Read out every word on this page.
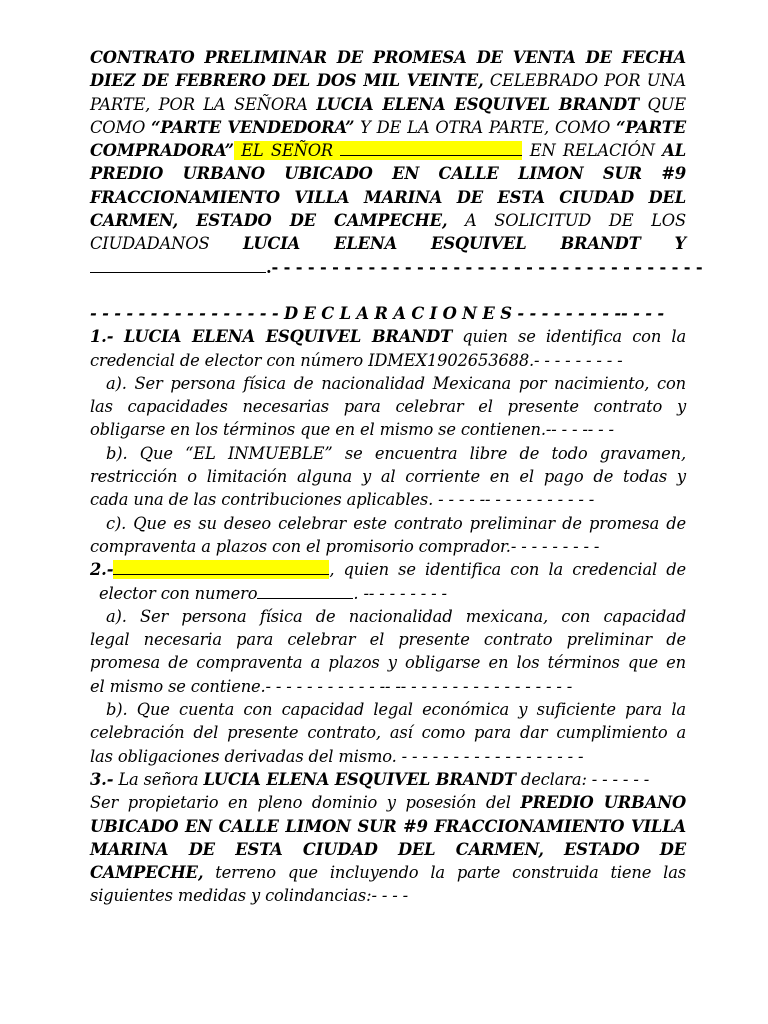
CONTRATO PRELIMINAR DE PROMESA DE VENTA DE FECHA

DIEZ DE FEBRERO DEL DOS MIL VEINTE, CELEBRADO POR UNA

PARTE, POR LA SEÑORA LUCIA ELENA ESQUIVEL BRANDT QUE

COMO “PARTE VENDEDORA” Y DE LA OTRA PARTE, COMO “PARTE

COMPRADORA” EL SEÑOR	EN RELACIÓN AL

PREDIO URBANO UBICADO EN CALLE LIMON SUR #9

FRACCIONAMIENTO VILLA MARINA DE ESTA CIUDAD DEL

CARMEN, ESTADO DE CAMPECHE, A SOLICITUD DE LOS

CIUDADANOS LUCIA ELENA ESQUIVEL BRANDT Y

.- - - - - - - - - - - - - - - - - - - - - - - - - - - - - - - - - - - -

- - - - - - - - - - - - - - - - D E C L A R A C I O N E S - - - - - - - - -- - - -

1.- LUCIA ELENA ESQUIVEL BRANDT quien se identifica con la

credencial de elector con número IDMEX1902653688.- - - - - - - - -

a). Ser persona física de nacionalidad Mexicana por nacimiento, con

las capacidades necesarias para celebrar el presente contrato y

obligarse en los términos que en el mismo se contienen.-- - - -- - -

b). Que “EL INMUEBLE” se encuentra libre de todo gravamen,

restricción o limitación alguna y al corriente en el pago de todas y

cada una de las contribuciones aplicables. - - - - -- - - - - - - - - - -

c). Que es su deseo celebrar este contrato preliminar de promesa de

compraventa a plazos con el promisorio comprador.- - - - - - - - -

2.-	, quien se identifica con la credencial de

elector con numero	. -- - - - - - - -

a). Ser persona física de nacionalidad mexicana, con capacidad

legal necesaria para celebrar el presente contrato preliminar de

promesa de compraventa a plazos y obligarse en los términos que en

el mismo se contiene.- - - - - - - - - - - -- -- - - - - - - - - - - - - - - - -

b). Que cuenta con capacidad legal económica y suficiente para la

celebración del presente contrato, así como para dar cumplimiento a

las obligaciones derivadas del mismo. - - - - - - - - - - - - - - - - - -

3.- La señora LUCIA ELENA ESQUIVEL BRANDT declara: - - - - - -

Ser propietario en pleno dominio y posesión del PREDIO URBANO

UBICADO EN CALLE LIMON SUR #9 FRACCIONAMIENTO VILLA

MARINA DE ESTA CIUDAD DEL CARMEN, ESTADO DE

CAMPECHE, terreno que incluyendo la parte construida tiene las

siguientes medidas y colindancias:- - - -
